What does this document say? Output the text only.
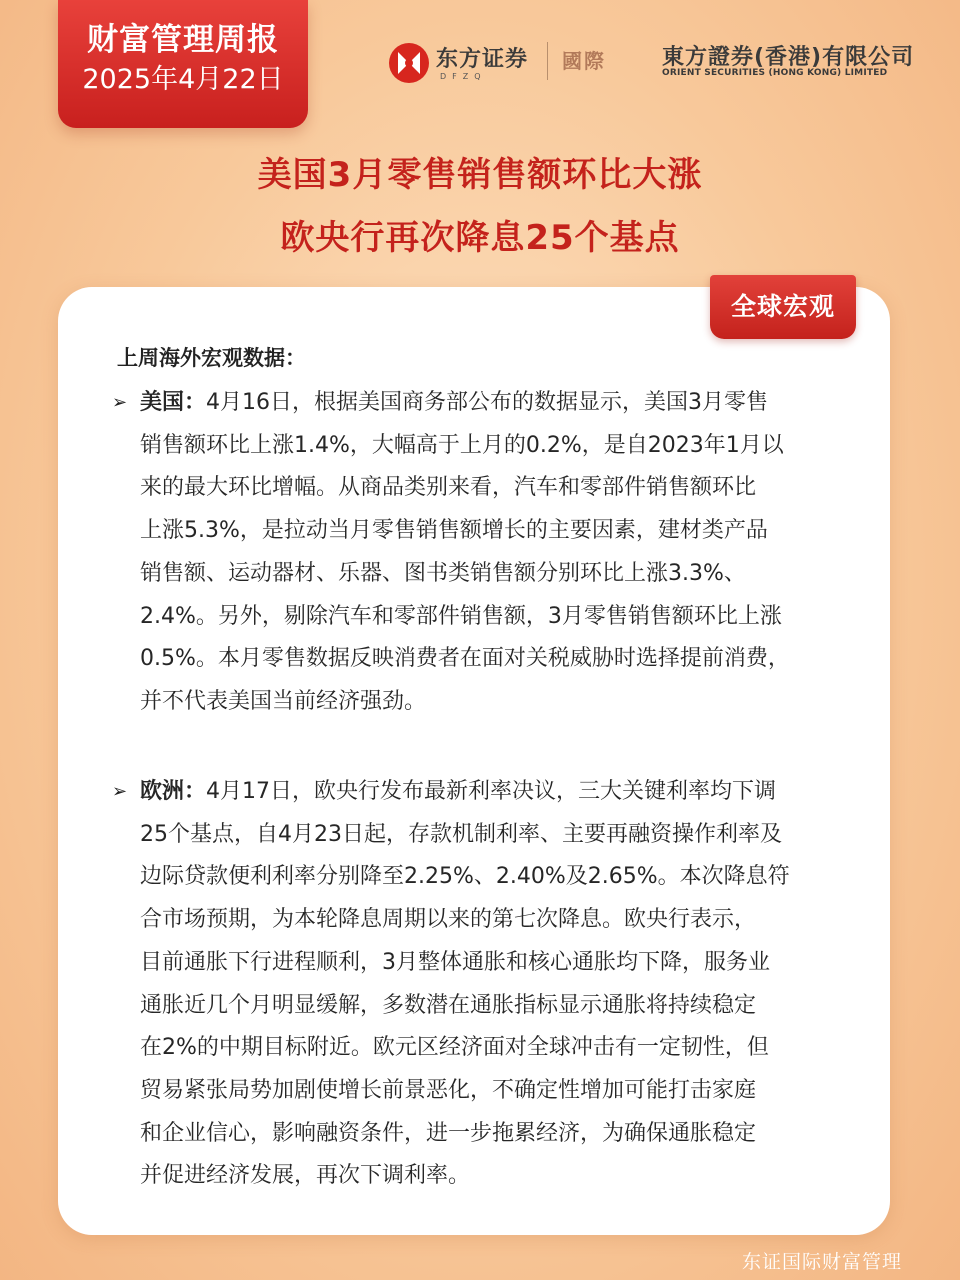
财富管理周报
2025年4月22日
东方证券
DFZQ
國際	東方證券(香港)有限公司
ORIENT SECURITIES (HONG KONG) LIMITED
美国3月零售销售额环比大涨
欧央行再次降息25个基点
全球宏观
上周海外宏观数据：
➢ 美国：4月16日，根据美国商务部公布的数据显示，美国3月零售
销售额环比上涨1.4%，大幅高于上月的0.2%，是自2023年1月以
来的最大环比增幅。从商品类别来看，汽车和零部件销售额环比
上涨5.3%，是拉动当月零售销售额增长的主要因素，建材类产品
销售额、运动器材、乐器、图书类销售额分别环比上涨3.3%、
2.4%。另外，剔除汽车和零部件销售额，3月零售销售额环比上涨
0.5%。本月零售数据反映消费者在面对关税威胁时选择提前消费，
并不代表美国当前经济强劲。
➢ 欧洲：4月17日，欧央行发布最新利率决议，三大关键利率均下调
25个基点，自4月23日起，存款机制利率、主要再融资操作利率及
边际贷款便利利率分别降至2.25%、2.40%及2.65%。本次降息符
合市场预期，为本轮降息周期以来的第七次降息。欧央行表示，
目前通胀下行进程顺利，3月整体通胀和核心通胀均下降，服务业
通胀近几个月明显缓解，多数潜在通胀指标显示通胀将持续稳定
在2%的中期目标附近。欧元区经济面对全球冲击有一定韧性，但
贸易紧张局势加剧使增长前景恶化，不确定性增加可能打击家庭
和企业信心，影响融资条件，进一步拖累经济，为确保通胀稳定
并促进经济发展，再次下调利率。
东证国际财富管理
